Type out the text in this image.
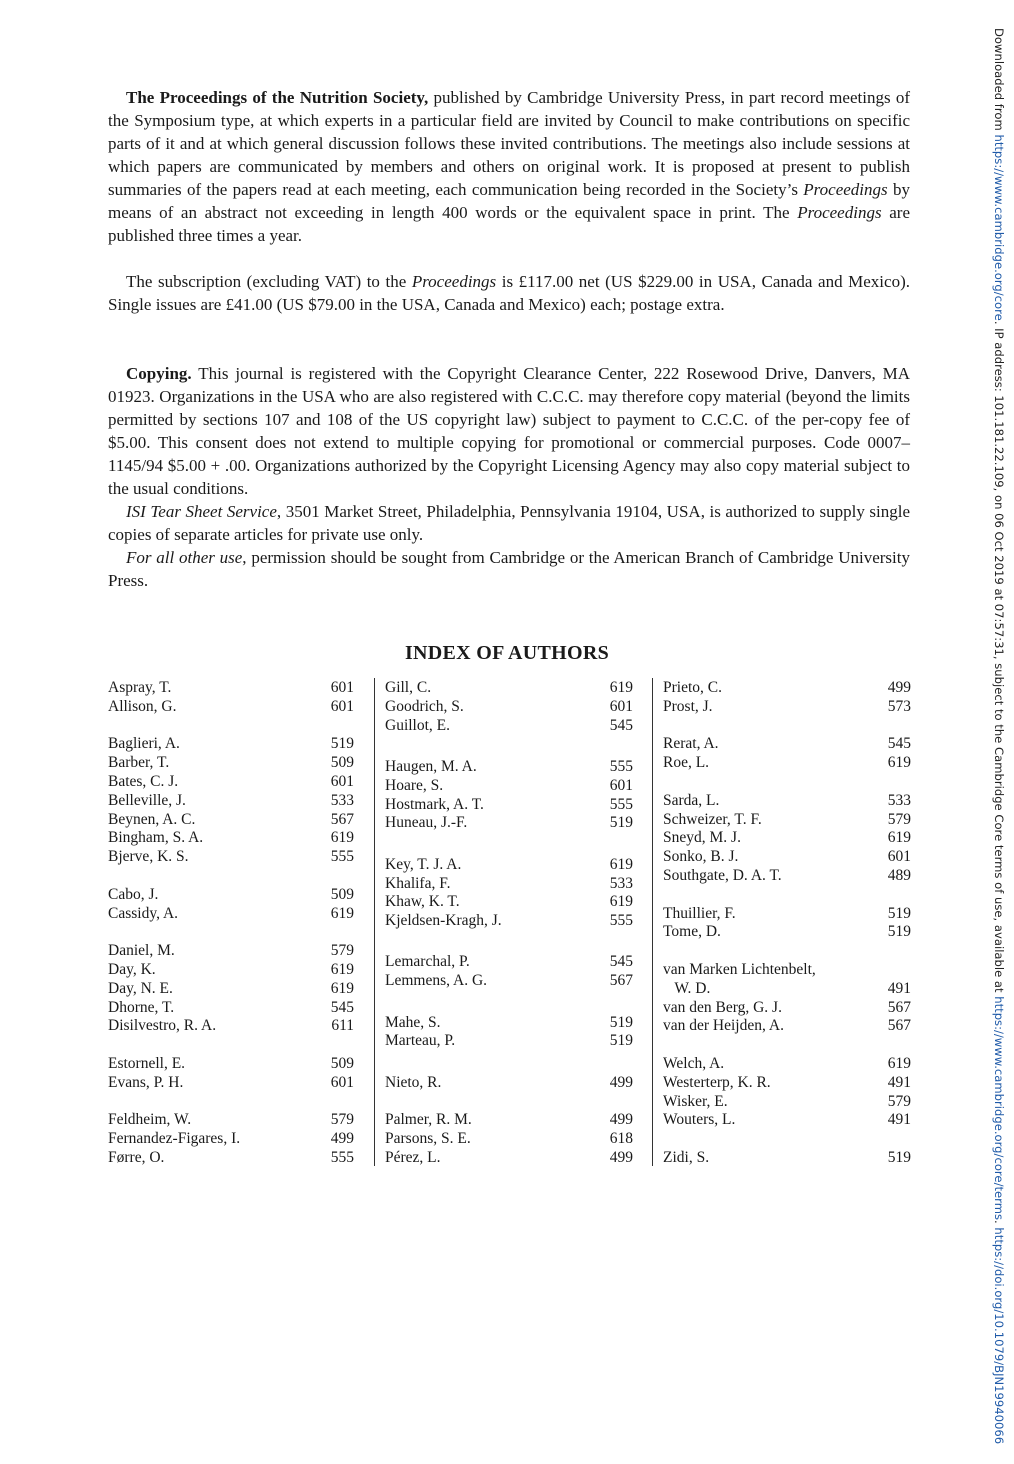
The Proceedings of the Nutrition Society, published by Cambridge University Press, in part record meetings of the Symposium type, at which experts in a particular field are invited by Council to make contributions on specific parts of it and at which general discussion follows these invited contributions. The meetings also include sessions at which papers are communicated by members and others on original work. It is proposed at present to publish summaries of the papers read at each meeting, each communication being recorded in the Society’s Proceedings by means of an abstract not exceeding in length 400 words or the equivalent space in print. The Proceedings are published three times a year.

The subscription (excluding VAT) to the Proceedings is £117.00 net (US $229.00 in USA, Canada and Mexico). Single issues are £41.00 (US $79.00 in the USA, Canada and Mexico) each; postage extra.

Copying. This journal is registered with the Copyright Clearance Center, 222 Rosewood Drive, Danvers, MA 01923. Organizations in the USA who are also registered with C.C.C. may therefore copy material (beyond the limits permitted by sections 107 and 108 of the US copyright law) subject to payment to C.C.C. of the per-copy fee of $5.00. This consent does not extend to multiple copying for promotional or commercial purposes. Code 0007–1145/94 $5.00 + .00. Organizations authorized by the Copyright Licensing Agency may also copy material subject to the usual conditions.

ISI Tear Sheet Service, 3501 Market Street, Philadelphia, Pennsylvania 19104, USA, is authorized to supply single copies of separate articles for private use only.

For all other use, permission should be sought from Cambridge or the American Branch of Cambridge University Press.

INDEX OF AUTHORS
Aspray, T.	601
Allison, G.	601
Baglieri, A.	519
Barber, T.	509
Bates, C. J.	601
Belleville, J.	533
Beynen, A. C.	567
Bingham, S. A.	619
Bjerve, K. S.	555
Cabo, J.	509
Cassidy, A.	619
Daniel, M.	579
Day, K.	619
Day, N. E.	619
Dhorne, T.	545
Disilvestro, R. A.	611
Estornell, E.	509
Evans, P. H.	601
Feldheim, W.	579
Fernandez-Figares, I.	499
Førre, O.	555
Gill, C.	619
Goodrich, S.	601
Guillot, E.	545
Haugen, M. A.	555
Hoare, S.	601
Hostmark, A. T.	555
Huneau, J.-F.	519
Key, T. J. A.	619
Khalifa, F.	533
Khaw, K. T.	619
Kjeldsen-Kragh, J.	555
Lemarchal, P.	545
Lemmens, A. G.	567
Mahe, S.	519
Marteau, P.	519
Nieto, R.	499
Palmer, R. M.	499
Parsons, S. E.	618
Pérez, L.	499
Prieto, C.	499
Prost, J.	573
Rerat, A.	545
Roe, L.	619
Sarda, L.	533
Schweizer, T. F.	579
Sneyd, M. J.	619
Sonko, B. J.	601
Southgate, D. A. T.	489
Thuillier, F.	519
Tome, D.	519
van Marken Lichtenbelt,
W. D.	491
van den Berg, G. J.	567
van der Heijden, A.	567
Welch, A.	619
Westerterp, K. R.	491
Wisker, E.	579
Wouters, L.	491
Zidi, S.	519
Downloaded from https://www.cambridge.org/core. IP address: 101.181.22.109, on 06 Oct 2019 at 07:57:31, subject to the Cambridge Core terms of use, available at https://www.cambridge.org/core/terms. https://doi.org/10.1079/BJN19940066
